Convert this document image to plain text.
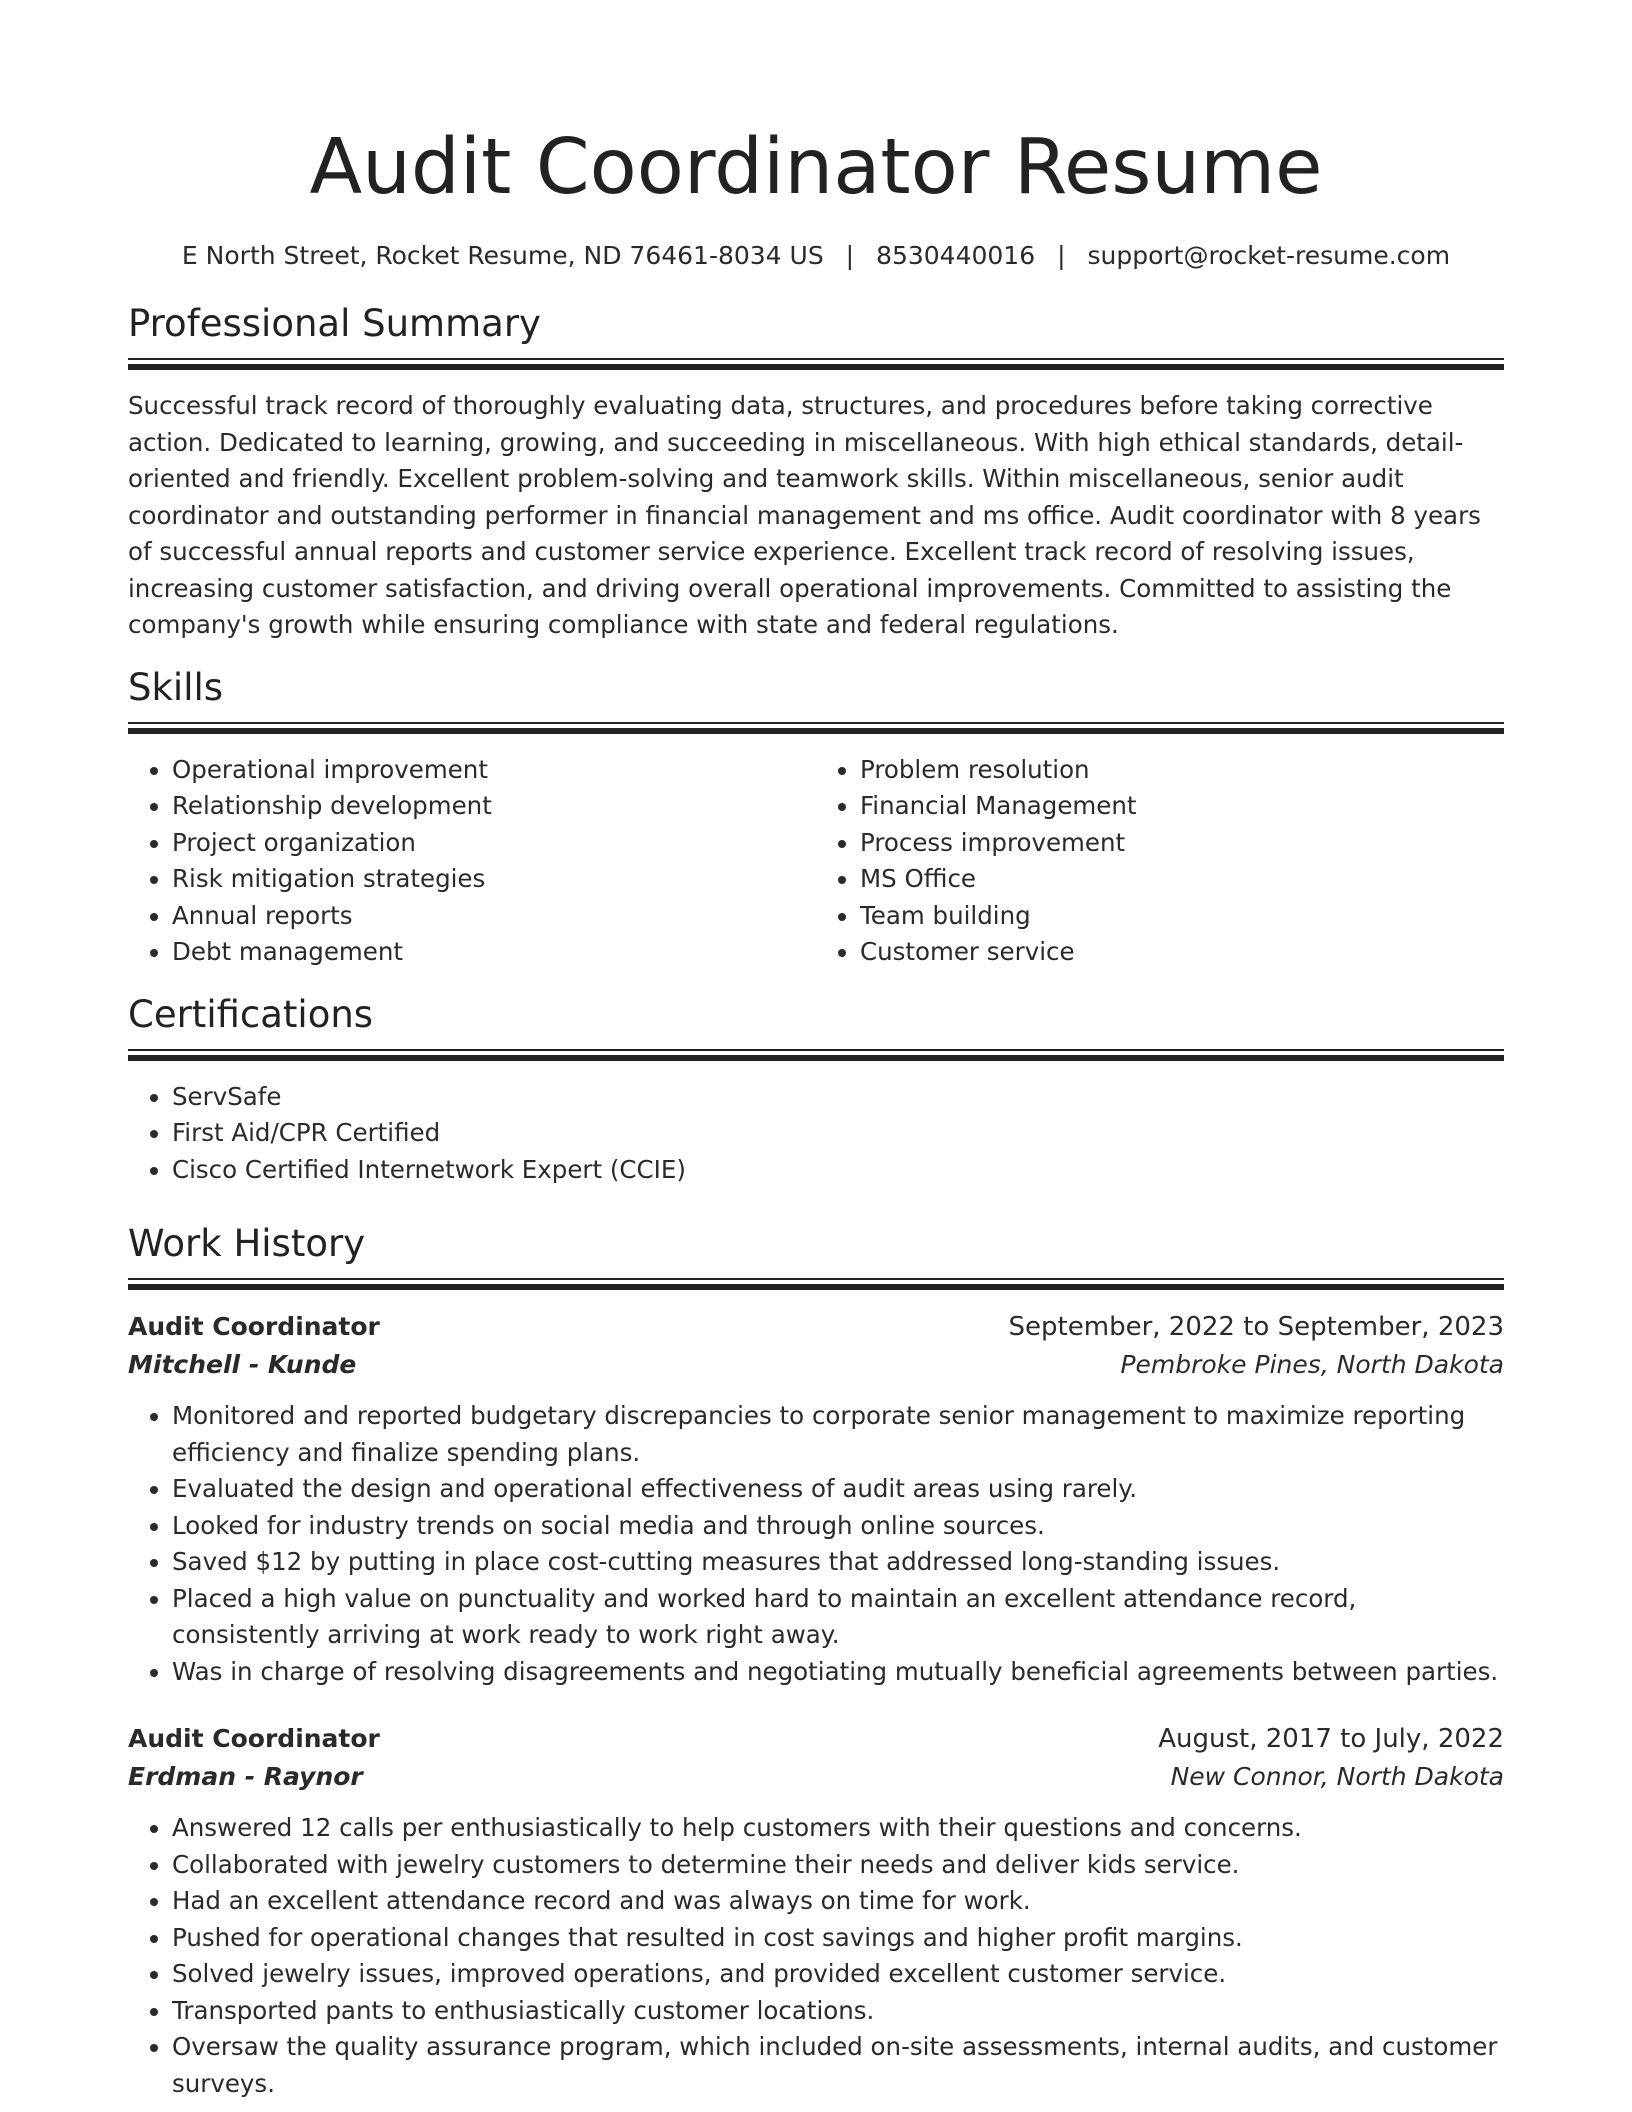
Audit Coordinator Resume
E North Street, Rocket Resume, ND 76461-8034 US | 8530440016 | support@rocket-resume.com
Professional Summary

Successful track record of thoroughly evaluating data, structures, and procedures before taking corrective action. Dedicated to learning, growing, and succeeding in miscellaneous. With high ethical standards, detail-oriented and friendly. Excellent problem-solving and teamwork skills. Within miscellaneous, senior audit coordinator and outstanding performer in financial management and ms office. Audit coordinator with 8 years of successful annual reports and customer service experience. Excellent track record of resolving issues, increasing customer satisfaction, and driving overall operational improvements. Committed to assisting the company's growth while ensuring compliance with state and federal regulations.

Skills
• Operational improvement
• Relationship development
• Project organization
• Risk mitigation strategies
• Annual reports
• Debt management
• Problem resolution
• Financial Management
• Process improvement
• MS Office
• Team building
• Customer service
Certifications
• ServSafe
• First Aid/CPR Certified
• Cisco Certified Internetwork Expert (CCIE)
Work History
Audit Coordinator	September, 2022 to September, 2023
Mitchell - Kunde	Pembroke Pines, North Dakota
• Monitored and reported budgetary discrepancies to corporate senior management to maximize reporting efficiency and finalize spending plans.
• Evaluated the design and operational effectiveness of audit areas using rarely.
• Looked for industry trends on social media and through online sources.
• Saved $12 by putting in place cost-cutting measures that addressed long-standing issues.
• Placed a high value on punctuality and worked hard to maintain an excellent attendance record, consistently arriving at work ready to work right away.
• Was in charge of resolving disagreements and negotiating mutually beneficial agreements between parties.
Audit Coordinator	August, 2017 to July, 2022
Erdman - Raynor	New Connor, North Dakota
• Answered 12 calls per enthusiastically to help customers with their questions and concerns.
• Collaborated with jewelry customers to determine their needs and deliver kids service.
• Had an excellent attendance record and was always on time for work.
• Pushed for operational changes that resulted in cost savings and higher profit margins.
• Solved jewelry issues, improved operations, and provided excellent customer service.
• Transported pants to enthusiastically customer locations.
• Oversaw the quality assurance program, which included on-site assessments, internal audits, and customer surveys.
